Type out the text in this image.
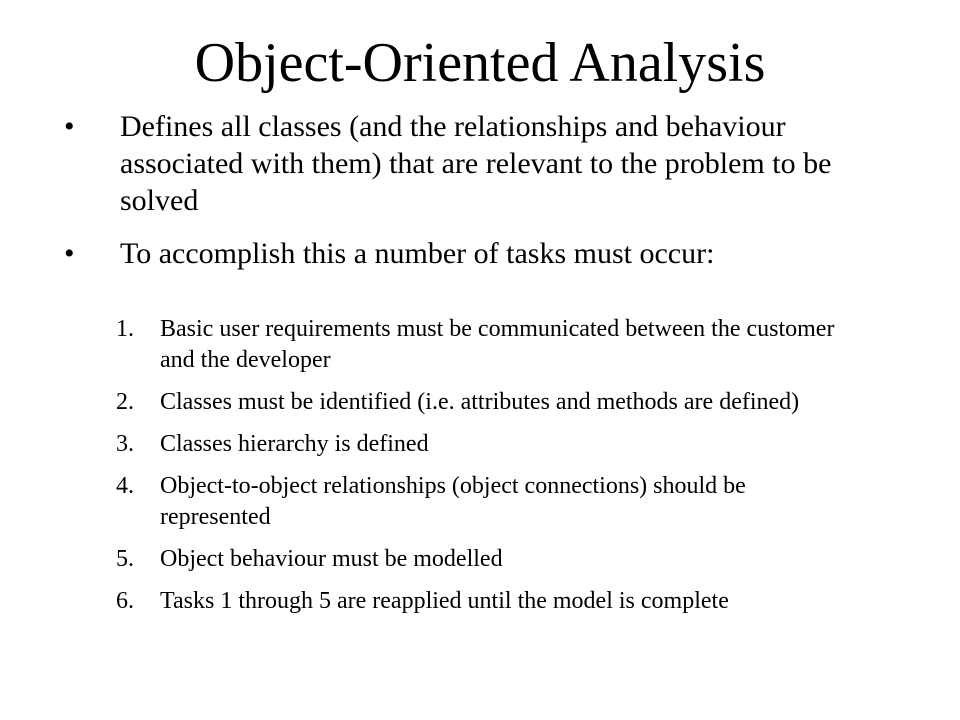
Object-Oriented Analysis
•	Defines all classes (and the relationships and behaviour associated with them) that are relevant to the problem to be solved
•	To accomplish this a number of tasks must occur:
1.	Basic user requirements must be communicated between the customer and the developer
2.	Classes must be identified (i.e. attributes and methods are defined)
3.	Classes hierarchy is defined
4.	Object-to-object relationships (object connections) should be represented
5.	Object behaviour must be modelled
6.	Tasks 1 through 5 are reapplied until the model is complete
